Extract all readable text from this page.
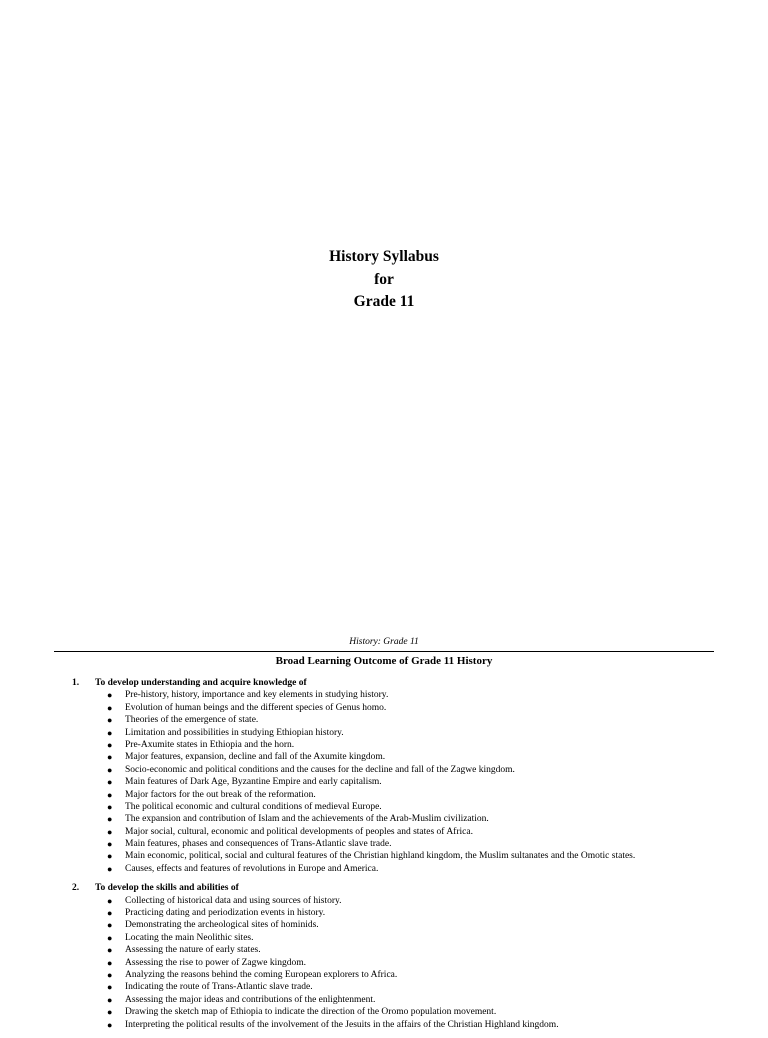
History Syllabus
for
Grade 11
History: Grade 11
Broad Learning Outcome of Grade 11 History
1. To develop understanding and acquire knowledge of
● Pre-history, history, importance and key elements in studying history.
● Evolution of human beings and the different species of Genus homo.
● Theories of the emergence of state.
● Limitation and possibilities in studying Ethiopian history.
● Pre-Axumite states in Ethiopia and the horn.
● Major features, expansion, decline and fall of the Axumite kingdom.
● Socio-economic and political conditions and the causes for the decline and fall of the Zagwe kingdom.
● Main features of Dark Age, Byzantine Empire and early capitalism.
● Major factors for the out break of the reformation.
● The political economic and cultural conditions of medieval Europe.
● The expansion and contribution of Islam and the achievements of the Arab-Muslim civilization.
● Major social, cultural, economic and political developments of peoples and states of Africa.
● Main features, phases and consequences of Trans-Atlantic slave trade.
● Main economic, political, social and cultural features of the Christian highland kingdom, the Muslim sultanates and the Omotic states.
● Causes, effects and features of revolutions in Europe and America.
2. To develop the skills and abilities of
● Collecting of historical data and using sources of history.
● Practicing dating and periodization events in history.
● Demonstrating the archeological sites of hominids.
● Locating the main Neolithic sites.
● Assessing the nature of early states.
● Assessing the rise to power of Zagwe kingdom.
● Analyzing the reasons behind the coming European explorers to Africa.
● Indicating the route of Trans-Atlantic slave trade.
● Assessing the major ideas and contributions of the enlightenment.
● Drawing the sketch map of Ethiopia to indicate the direction of the Oromo population movement.
● Interpreting the political results of the involvement of the Jesuits in the affairs of the Christian Highland kingdom.
